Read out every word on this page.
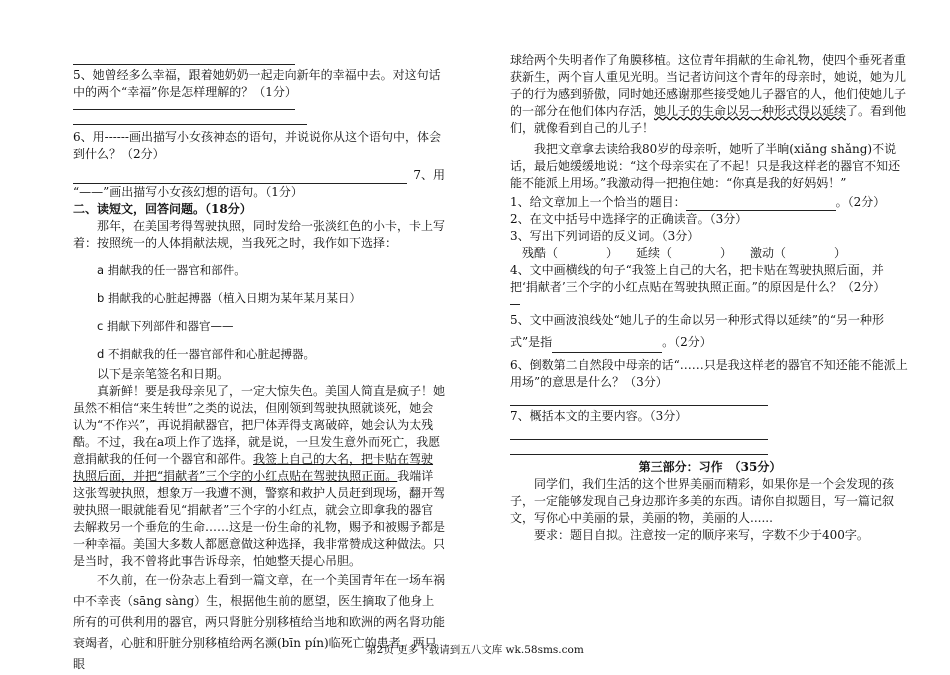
5、她曾经多么幸福，跟着她奶奶一起走向新年的幸福中去。对这句话中的两个“幸福”你是怎样理解的？（1分）

6、用------画出描写小女孩神态的语句，并说说你从这个语句中，体会到什么？（2分）

7、用

“——”画出描写小女孩幻想的语句。（1分）

二、读短文，回答问题。（18分）

那年，在美国考得驾驶执照，同时发给一张淡红色的小卡，卡上写着：按照统一的人体捐献法规，当我死之时，我作如下选择：

a 捐献我的任一器官和部件。

b 捐献我的心脏起搏器（植入日期为某年某月某日）

c 捐献下列部件和器官——

d 不捐献我的任一器官部件和心脏起搏器。

以下是亲笔签名和日期。

真新鲜！要是我母亲见了，一定大惊失色。美国人简直是疯子！她虽然不相信“来生转世”之类的说法，但刚领到驾驶执照就谈死，她会认为“不作兴”，再说捐献器官，把尸体弄得支离破碎，她会认为太残酷。不过，我在a项上作了选择，就是说，一旦发生意外而死亡，我愿意捐献我的任何一个器官和部件。我签上自己的大名，把卡贴在驾驶执照后面，并把“捐献者”三个字的小红点贴在驾驶执照正面。我端详这张驾驶执照，想象万一我遭不测，警察和救护人员赶到现场，翻开驾驶执照一眼就能看见“捐献者”三个字的小红点，就会立即拿我的器官去解救另一个垂危的生命……这是一份生命的礼物，赐予和被赐予都是一种幸福。美国大多数人都愿意做这种选择，我非常赞成这种做法。只是当时，我不曾将此事告诉母亲，怕她整天提心吊胆。

不久前，在一份杂志上看到一篇文章，在一个美国青年在一场车祸中不幸丧（sāng sàng）生，根据他生前的愿望，医生摘取了他身上所有的可供利用的器官，两只肾脏分别移植给当地和欧洲的两名肾功能衰竭者，心脏和肝脏分别移植给两名濒(bīn pín)临死亡的患者，两只眼

球给两个失明者作了角膜移植。这位青年捐献的生命礼物，使四个垂死者重获新生，两个盲人重见光明。当记者访问这个青年的母亲时，她说，她为儿子的行为感到骄傲，同时她还感谢那些接受她儿子器官的人，他们使她儿子的一部分在他们体内存活，她儿子的生命以另一种形式得以延续了。看到他们，就像看到自己的儿子！

我把文章拿去读给我80岁的母亲听，她听了半晌(xiǎng shǎng)不说话，最后她缓缓地说：“这个母亲实在了不起！只是我这样老的器官不知还能不能派上用场。”我激动得一把抱住她：“你真是我的好妈妈！”

1、给文章加上一个恰当的题目：	。（2分）

2、在文中括号中选择字的正确读音。（3分）

3、写出下列词语的反义词。（3分）

残酷（　　　　） 延续（　　　　） 激动（　　　　）

4、文中画横线的句子“我签上自己的大名，把卡贴在驾驶执照后面，并把‘捐献者’三个字的小红点贴在驾驶执照正面。”的原因是什么？（2分）

5、文中画波浪线处“她儿子的生命以另一种形式得以延续”的“另一种形式”是指	。（2分）

6、倒数第二自然段中母亲的话“……只是我这样老的器官不知还能不能派上用场”的意思是什么？（3分）

7、概括本文的主要内容。（3分）

第三部分：习作　（35分）

同学们，我们生活的这个世界美丽而精彩，如果你是一个会发现的孩子，一定能够发现自己身边那许多美的东西。请你自拟题目，写一篇记叙文，写你心中美丽的景，美丽的物，美丽的人......

要求：题目自拟。注意按一定的顺序来写，字数不少于400字。

第2页 更多下载请到五八文库 wk.58sms.com
